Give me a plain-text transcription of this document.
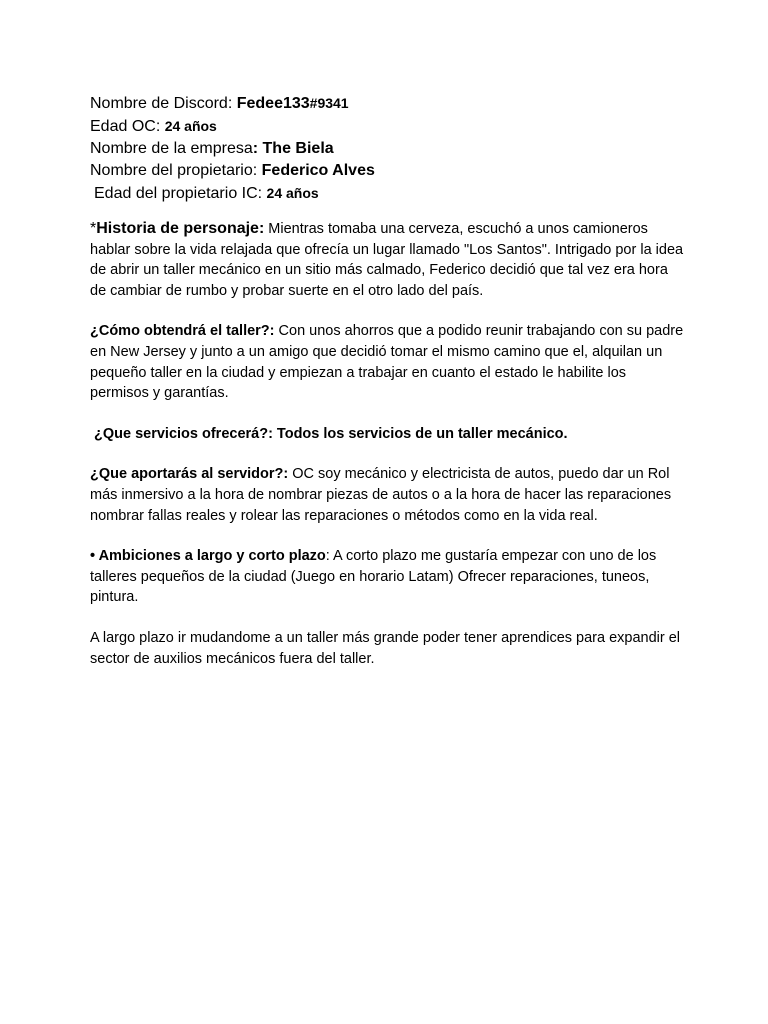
Nombre de Discord: Fedee133#9341
Edad OC: 24 años
Nombre de la empresa: The Biela
Nombre del propietario: Federico Alves
Edad del propietario IC: 24 años

*Historia de personaje: Mientras tomaba una cerveza, escuchó a unos camioneros hablar sobre la vida relajada que ofrecía un lugar llamado "Los Santos". Intrigado por la idea de abrir un taller mecánico en un sitio más calmado, Federico decidió que tal vez era hora de cambiar de rumbo y probar suerte en el otro lado del país.

¿Cómo obtendrá el taller?: Con unos ahorros que a podido reunir trabajando con su padre en New Jersey y junto a un amigo que decidió tomar el mismo camino que el, alquilan un pequeño taller en la ciudad y empiezan a trabajar en cuanto el estado le habilite los permisos y garantías.

¿Que servicios ofrecerá?: Todos los servicios de un taller mecánico.

¿Que aportarás al servidor?: OC soy mecánico y electricista de autos, puedo dar un Rol más inmersivo a la hora de nombrar piezas de autos o a la hora de hacer las reparaciones nombrar fallas reales y rolear las reparaciones o métodos como en la vida real.

• Ambiciones a largo y corto plazo: A corto plazo me gustaría empezar con uno de los talleres pequeños de la ciudad (Juego en horario Latam) Ofrecer reparaciones, tuneos, pintura.

A largo plazo ir mudandome a un taller más grande poder tener aprendices para expandir el sector de auxilios mecánicos fuera del taller.
